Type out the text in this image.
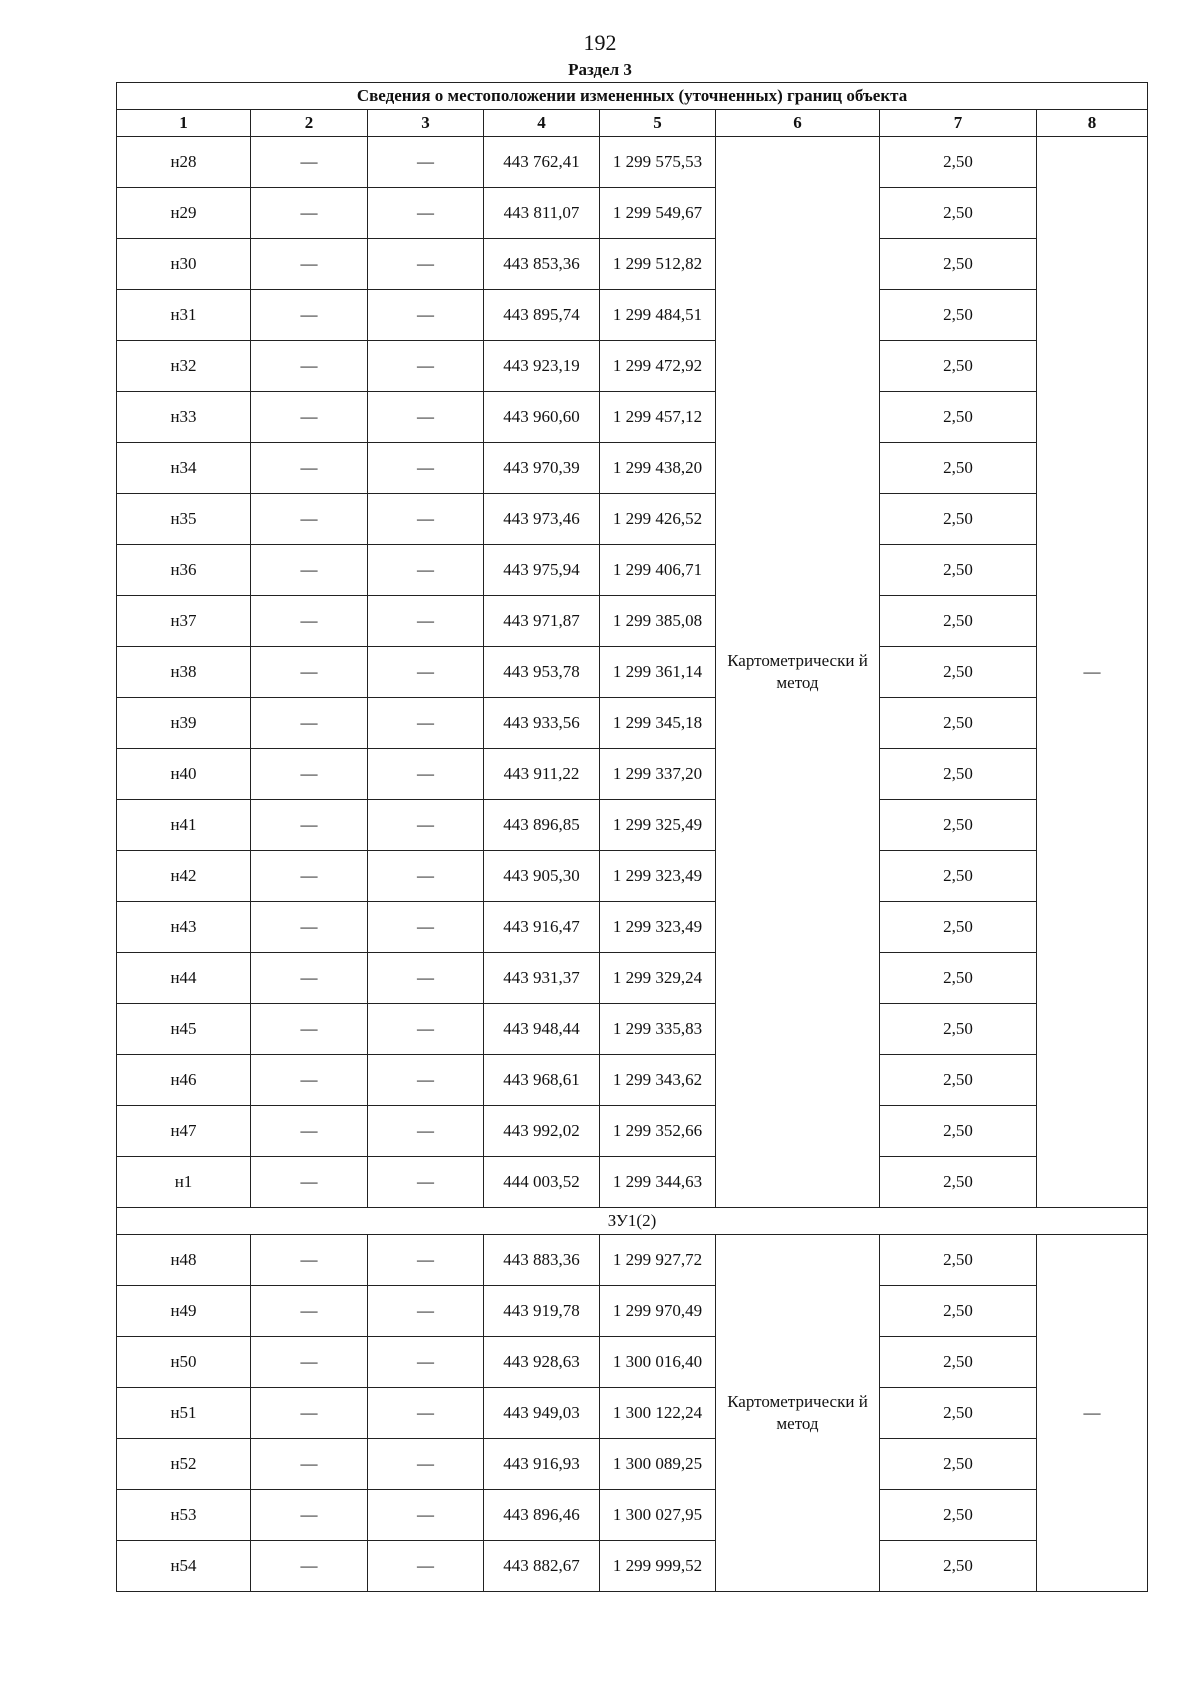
192
Раздел 3
Сведения о местоположении измененных (уточненных) границ объекта							
1	2	3	4	5	6	7	8
н28	—	—	443 762,41	1 299 575,53	Картометрически й метод	2,50	—
н29	—	—	443 811,07	1 299 549,67		2,50	
н30	—	—	443 853,36	1 299 512,82		2,50	
н31	—	—	443 895,74	1 299 484,51		2,50	
н32	—	—	443 923,19	1 299 472,92		2,50	
н33	—	—	443 960,60	1 299 457,12		2,50	
н34	—	—	443 970,39	1 299 438,20		2,50	
н35	—	—	443 973,46	1 299 426,52		2,50	
н36	—	—	443 975,94	1 299 406,71		2,50	
н37	—	—	443 971,87	1 299 385,08		2,50	
н38	—	—	443 953,78	1 299 361,14		2,50	
н39	—	—	443 933,56	1 299 345,18		2,50	
н40	—	—	443 911,22	1 299 337,20		2,50	
н41	—	—	443 896,85	1 299 325,49		2,50	
н42	—	—	443 905,30	1 299 323,49		2,50	
н43	—	—	443 916,47	1 299 323,49		2,50	
н44	—	—	443 931,37	1 299 329,24		2,50	
н45	—	—	443 948,44	1 299 335,83		2,50	
н46	—	—	443 968,61	1 299 343,62		2,50	
н47	—	—	443 992,02	1 299 352,66		2,50	
н1	—	—	444 003,52	1 299 344,63		2,50	
ЗУ1(2)							
н48	—	—	443 883,36	1 299 927,72	Картометрически й метод	2,50	—
н49	—	—	443 919,78	1 299 970,49		2,50	
н50	—	—	443 928,63	1 300 016,40		2,50	
н51	—	—	443 949,03	1 300 122,24		2,50	
н52	—	—	443 916,93	1 300 089,25		2,50	
н53	—	—	443 896,46	1 300 027,95		2,50	
н54	—	—	443 882,67	1 299 999,52		2,50	
